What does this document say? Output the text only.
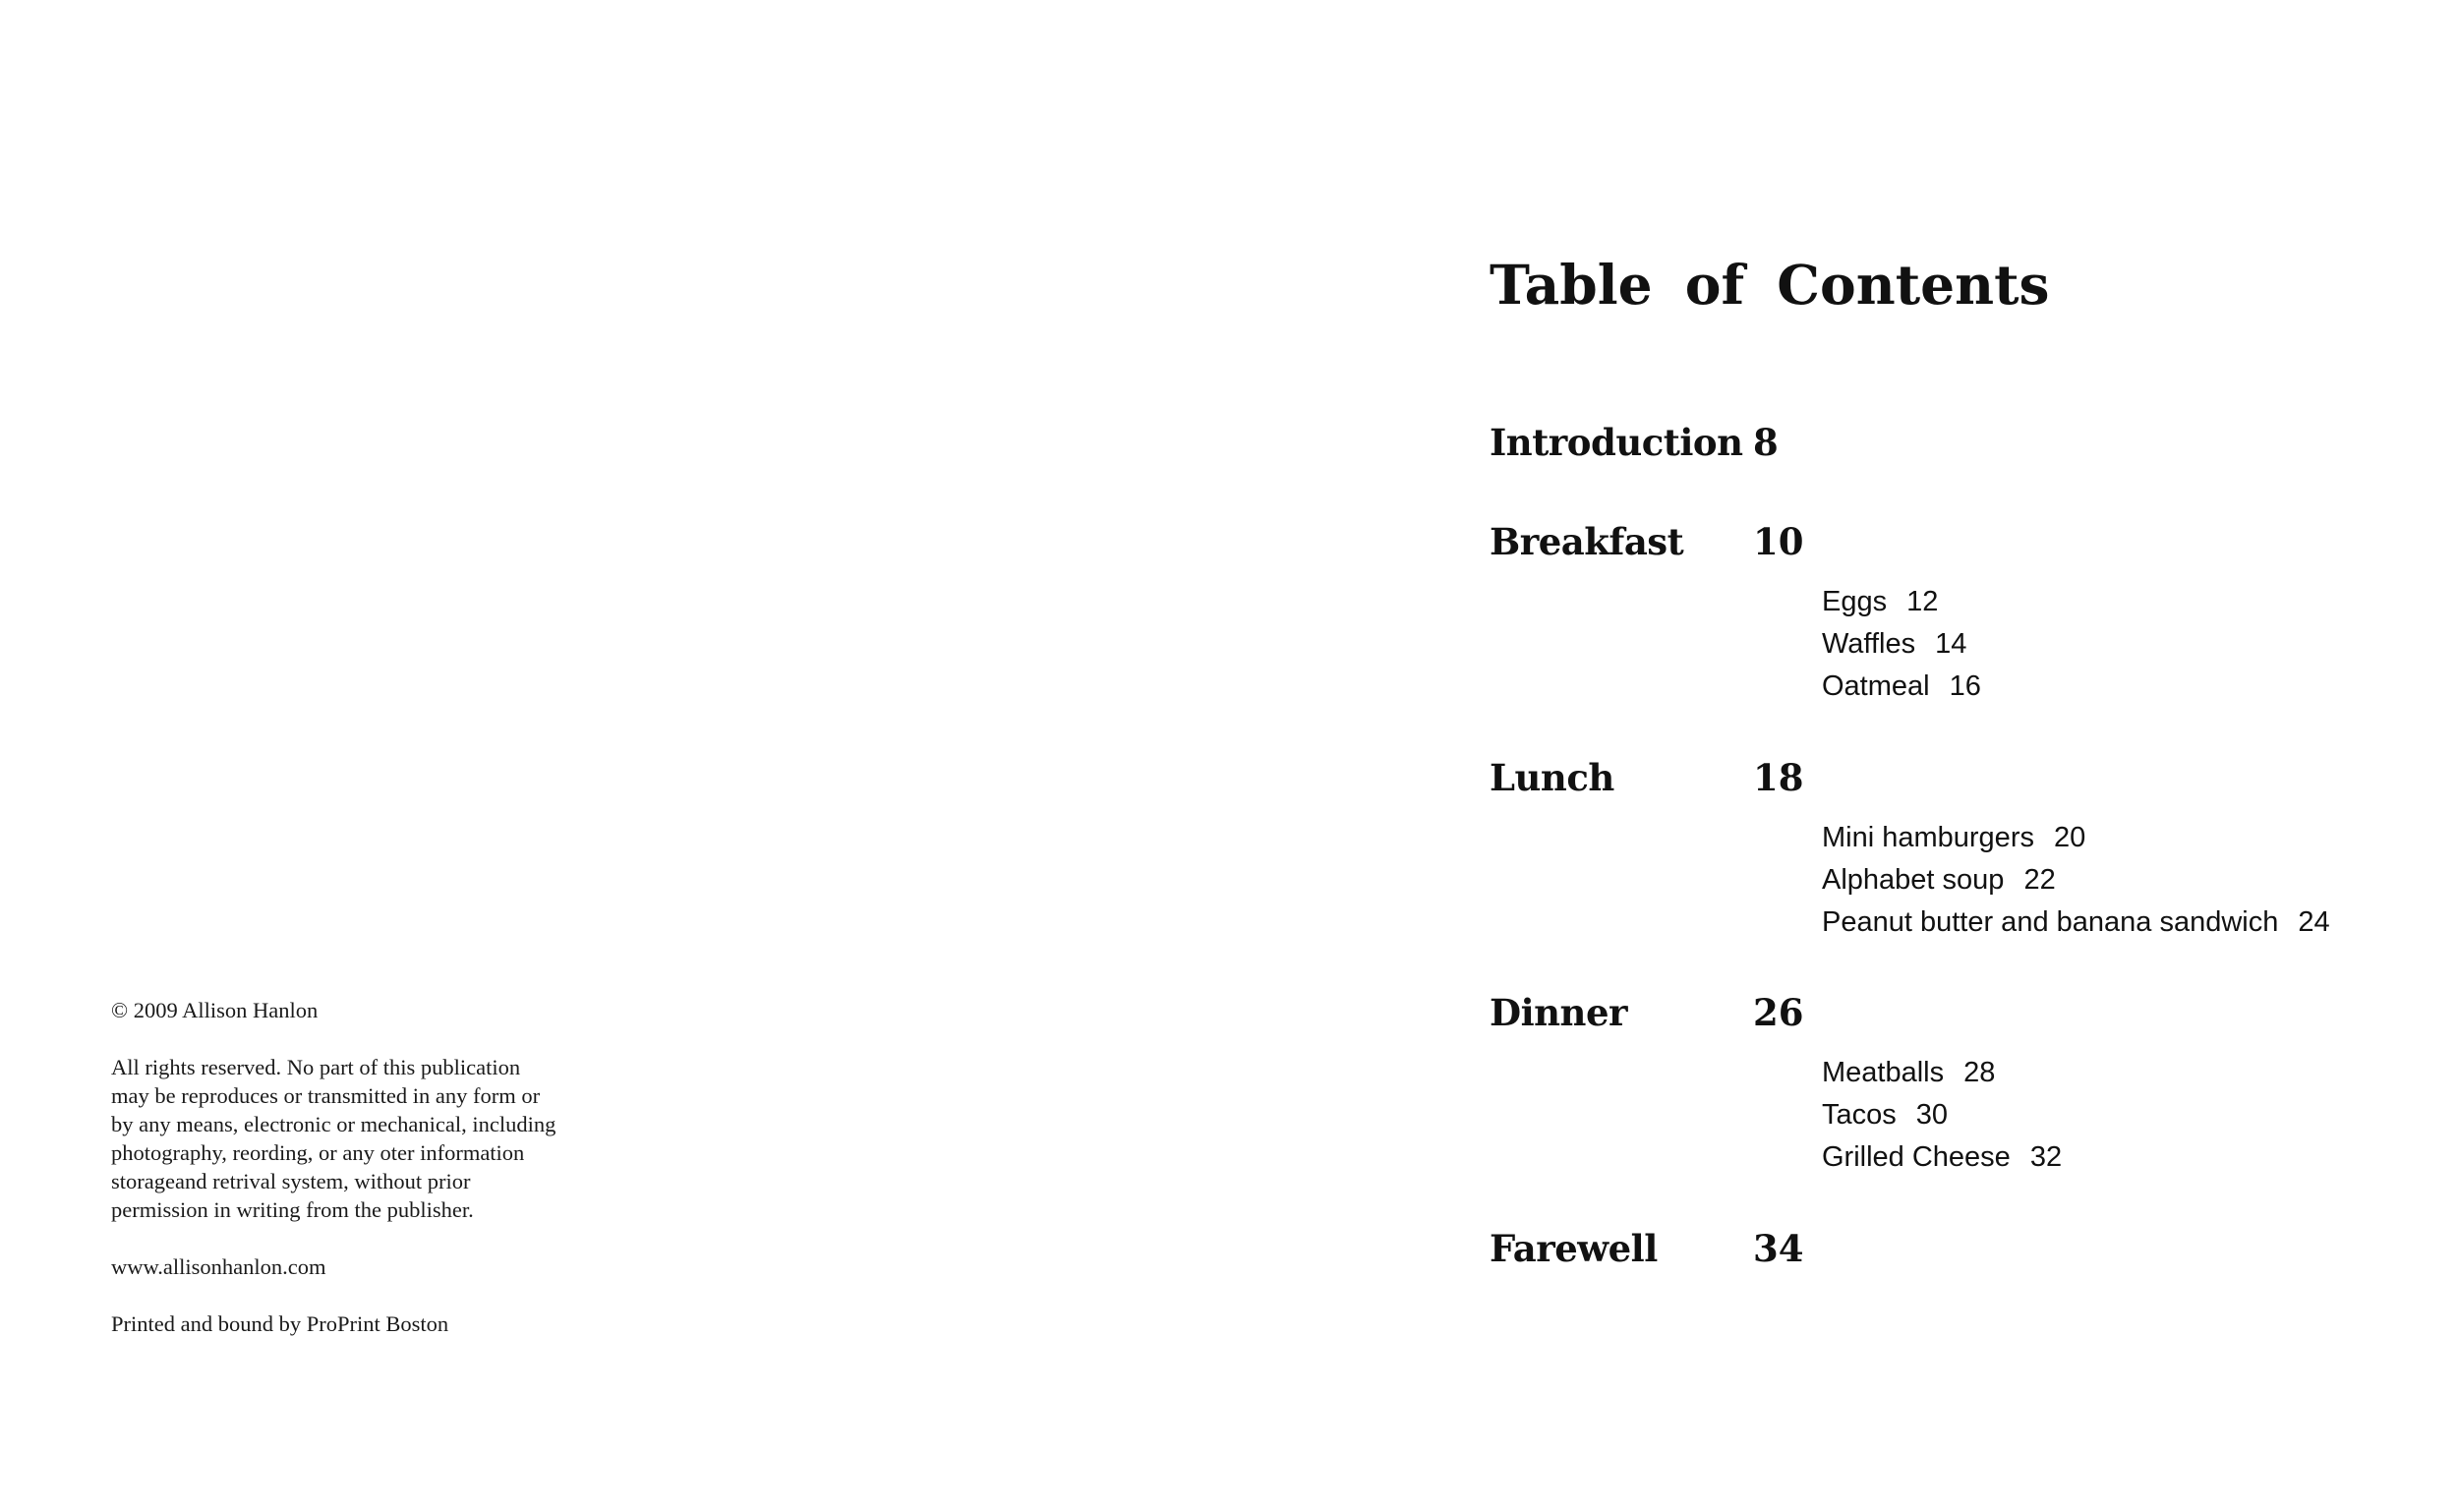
© 2009 Allison Hanlon

All rights reserved. No part of this publication
may be reproduces or transmitted in any form or
by any means, electronic or mechanical, including
photography, reording, or any oter information
storageand retrival system, without prior
permission in writing from the publisher.

www.allisonhanlon.com

Printed and bound by ProPrint Boston

Table of Contents
Introduction 8
Breakfast 10
Eggs 12
Waffles 14
Oatmeal 16
Lunch	18
Mini hamburgers 20
Alphabet soup 22
Peanut butter and banana sandwich 24
Dinner	26
Meatballs 28
Tacos 30
Grilled Cheese 32
Farewell	34
